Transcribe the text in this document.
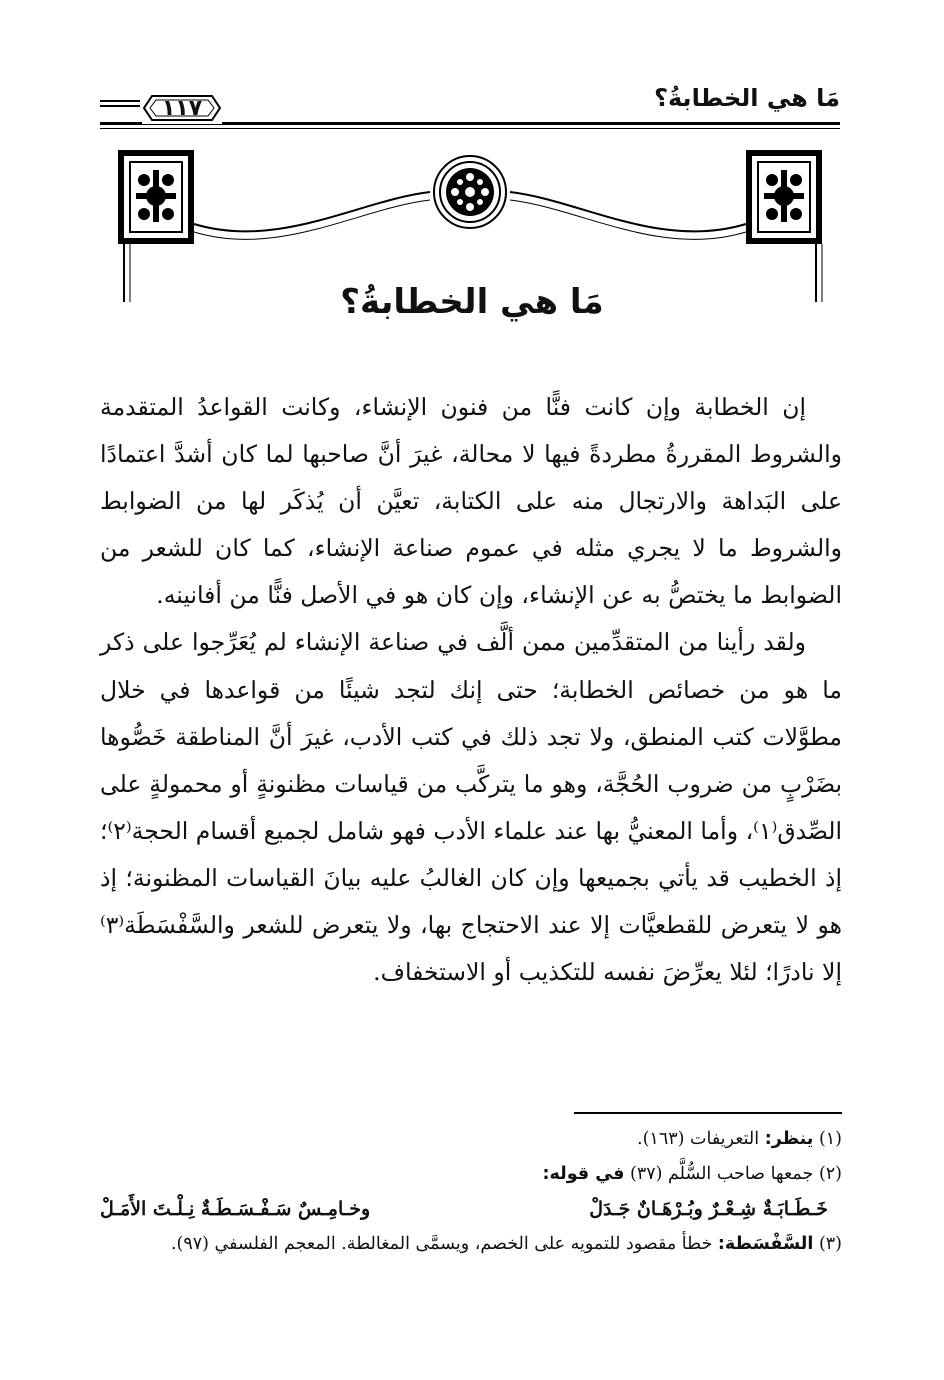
مَا هي الخطابةُ؟
١١٧
مَا هي الخطابةُ؟

إن الخطابة وإن كانت فنًّا من فنون الإنشاء، وكانت القواعدُ المتقدمة والشروط المقررةُ مطردةً فيها لا محالة، غيرَ أنَّ صاحبها لما كان أشدَّ اعتمادًا على البَداهة والارتجال منه على الكتابة، تعيَّن أن يُذكَر لها من الضوابط والشروط ما لا يجري مثله في عموم صناعة الإنشاء، كما كان للشعر من الضوابط ما يختصُّ به عن الإنشاء، وإن كان هو في الأصل فنًّا من أفانينه.

ولقد رأينا من المتقدِّمين ممن ألَّف في صناعة الإنشاء لم يُعَرِّجوا على ذكر ما هو من خصائص الخطابة؛ حتى إنك لتجد شيئًا من قواعدها في خلال مطوَّلات كتب المنطق، ولا تجد ذلك في كتب الأدب، غيرَ أنَّ المناطقة خَصُّوها بضَرْبٍ من ضروب الحُجَّة، وهو ما يتركَّب من قياسات مظنونةٍ أو محمولةٍ على الصِّدق⁽١⁾، وأما المعنيُّ بها عند علماء الأدب فهو شامل لجميع أقسام الحجة⁽٢⁾؛ إذ الخطيب قد يأتي بجميعها وإن كان الغالبُ عليه بيانَ القياسات المظنونة؛ إذ هو لا يتعرض للقطعيَّات إلا عند الاحتجاج بها، ولا يتعرض للشعر والسَّفْسَطَة⁽٣⁾ إلا نادرًا؛ لئلا يعرِّضَ نفسه للتكذيب أو الاستخفاف.

(١) ينظر: التعريفات (١٦٣).
(٢) جمعها صاحب السُّلَّم (٣٧) في قوله:
خَـطَـابَـةٌ شِـعْـرٌ وبُـرْهَـانٌ جَـدَلْ
وخـامِـسٌ سَـفْـسَـطَـةٌ نِـلْـتَ الأَمَـلْ
(٣) السَّفْسَطة: خطأ مقصود للتمويه على الخصم، ويسمَّى المغالطة. المعجم الفلسفي (٩٧).
